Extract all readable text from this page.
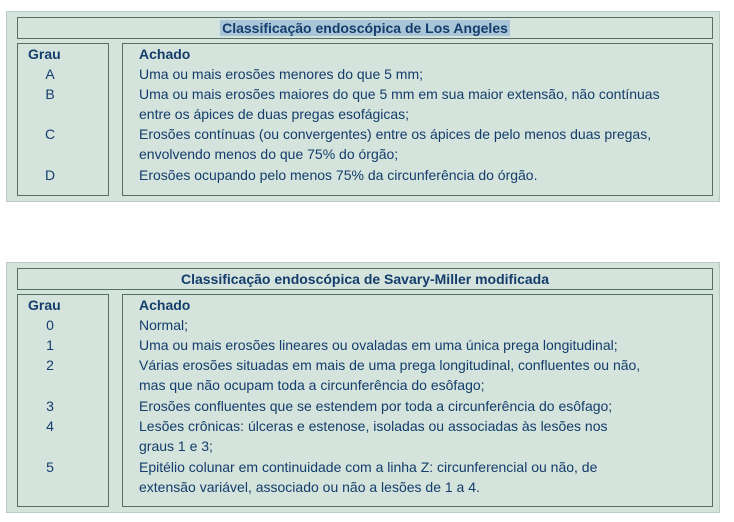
Classificação endoscópica de Los Angeles
Grau
A
B
C
D
Achado
Uma ou mais erosões menores do que 5 mm;
Uma ou mais erosões maiores do que 5 mm em sua maior extensão, não contínuas
entre os ápices de duas pregas esofágicas;
Erosões contínuas (ou convergentes) entre os ápices de pelo menos duas pregas,
envolvendo menos do que 75% do órgão;
Erosões ocupando pelo menos 75% da circunferência do órgão.
Classificação endoscópica de Savary-Miller modificada
Grau
0
1
2
3
4
5
Achado
Normal;
Uma ou mais erosões lineares ou ovaladas em uma única prega longitudinal;
Várias erosões situadas em mais de uma prega longitudinal, confluentes ou não,
mas que não ocupam toda a circunferência do esôfago;
Erosões confluentes que se estendem por toda a circunferência do esôfago;
Lesões crônicas: úlceras e estenose, isoladas ou associadas às lesões nos
graus 1 e 3;
Epitélio colunar em continuidade com a linha Z: circunferencial ou não, de
extensão variável, associado ou não a lesões de 1 a 4.
